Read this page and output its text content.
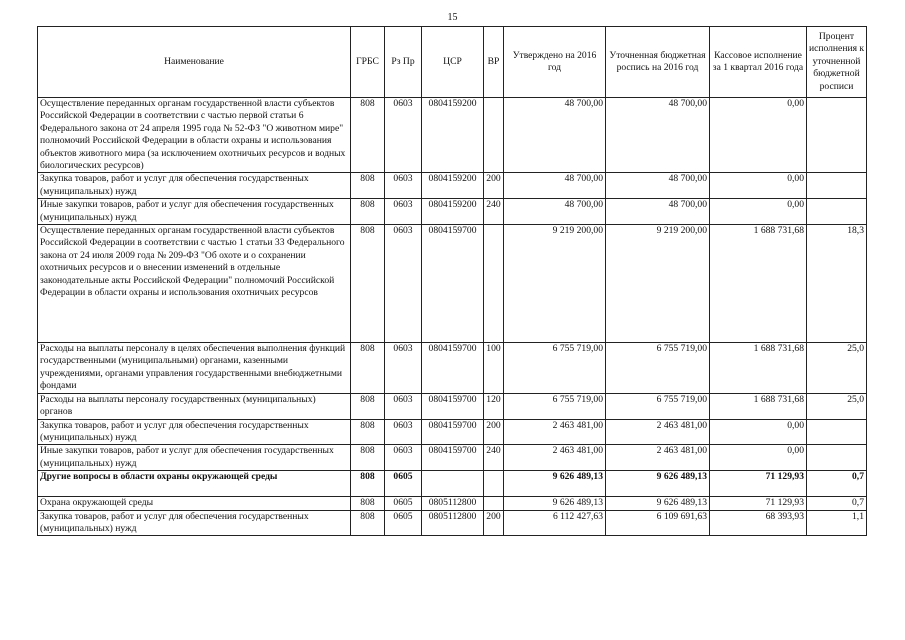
15
Наименование	ГРБС	Рз Пр	ЦСР	ВР	Утверждено на 2016 год	Уточненная бюджетная роспись на 2016 год	Кассовое исполнение за 1 квартал 2016 года	Процент исполнения к уточненной бюджетной росписи
Осуществление переданных органам государственной власти субъектов Российской Федерации в соответствии с частью первой статьи 6 Федерального закона от 24 апреля 1995 года № 52-ФЗ "О животном мире" полномочий Российской Федерации в области охраны и использования объектов животного мира (за исключением охотничьих ресурсов и водных биологических ресурсов)	808	0603	0804159200		48 700,00	48 700,00	0,00	
Закупка товаров, работ и услуг для обеспечения государственных (муниципальных) нужд	808	0603	0804159200	200	48 700,00	48 700,00	0,00	
Иные закупки товаров, работ и услуг для обеспечения государственных (муниципальных) нужд	808	0603	0804159200	240	48 700,00	48 700,00	0,00	
Осуществление переданных органам государственной власти субъектов Российской Федерации в соответствии с частью 1 статьи 33 Федерального закона от 24 июля 2009 года № 209-ФЗ "Об охоте и о сохранении охотничьих ресурсов и о внесении изменений в отдельные законодательные акты Российской Федерации" полномочий Российской Федерации в области охраны и использования охотничьих ресурсов	808	0603	0804159700		9 219 200,00	9 219 200,00	1 688 731,68	18,3
Расходы на выплаты персоналу в целях обеспечения выполнения функций государственными (муниципальными) органами, казенными учреждениями, органами управления государственными внебюджетными фондами	808	0603	0804159700	100	6 755 719,00	6 755 719,00	1 688 731,68	25,0
Расходы на выплаты персоналу государственных (муниципальных) органов	808	0603	0804159700	120	6 755 719,00	6 755 719,00	1 688 731,68	25,0
Закупка товаров, работ и услуг для обеспечения государственных (муниципальных) нужд	808	0603	0804159700	200	2 463 481,00	2 463 481,00	0,00	
Иные закупки товаров, работ и услуг для обеспечения государственных (муниципальных) нужд	808	0603	0804159700	240	2 463 481,00	2 463 481,00	0,00	
Другие вопросы в области охраны окружающей среды	808	0605			9 626 489,13	9 626 489,13	71 129,93	0,7
Охрана окружающей среды	808	0605	0805112800		9 626 489,13	9 626 489,13	71 129,93	0,7
Закупка товаров, работ и услуг для обеспечения государственных (муниципальных) нужд	808	0605	0805112800	200	6 112 427,63	6 109 691,63	68 393,93	1,1
